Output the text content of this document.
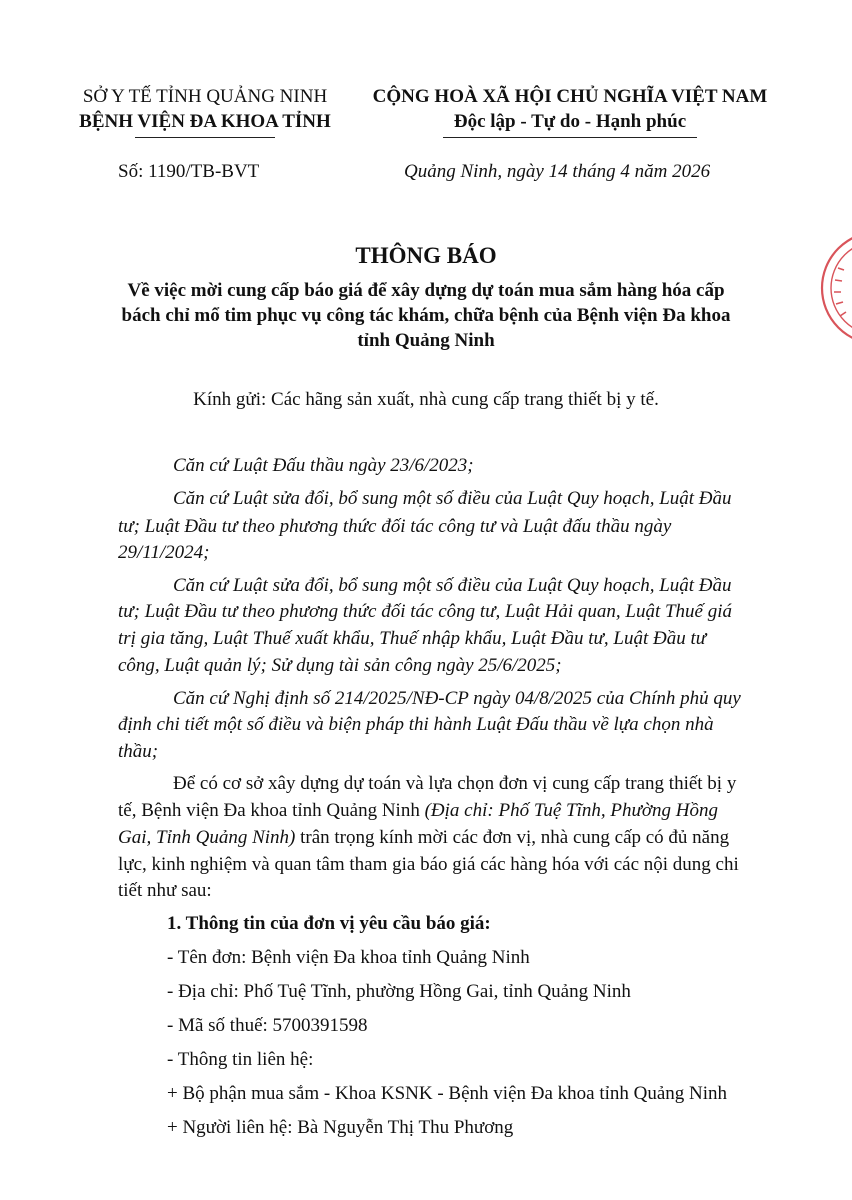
SỞ Y TẾ TỈNH QUẢNG NINH
BỆNH VIỆN ĐA KHOA TỈNH
CỘNG HOÀ XÃ HỘI CHỦ NGHĨA VIỆT NAM
Độc lập - Tự do - Hạnh phúc
Số: 1190/TB-BVT	Quảng Ninh, ngày 14 tháng 4 năm 2026
THÔNG BÁO
Về việc mời cung cấp báo giá để xây dựng dự toán mua sắm hàng hóa cấp
bách chỉ mổ tim phục vụ công tác khám, chữa bệnh của Bệnh viện Đa khoa
tỉnh Quảng Ninh
Kính gửi: Các hãng sản xuất, nhà cung cấp trang thiết bị y tế.
Căn cứ Luật Đấu thầu ngày 23/6/2023;
Căn cứ Luật sửa đổi, bổ sung một số điều của Luật Quy hoạch, Luật Đầu
tư; Luật Đầu tư theo phương thức đối tác công tư và Luật đấu thầu ngày
29/11/2024;
Căn cứ Luật sửa đổi, bổ sung một số điều của Luật Quy hoạch, Luật Đầu
tư; Luật Đầu tư theo phương thức đối tác công tư, Luật Hải quan, Luật Thuế giá
trị gia tăng, Luật Thuế xuất khẩu, Thuế nhập khẩu, Luật Đầu tư, Luật Đầu tư
công, Luật quản lý; Sử dụng tài sản công ngày 25/6/2025;
Căn cứ Nghị định số 214/2025/NĐ-CP ngày 04/8/2025 của Chính phủ quy
định chi tiết một số điều và biện pháp thi hành Luật Đấu thầu về lựa chọn nhà
thầu;
Để có cơ sở xây dựng dự toán và lựa chọn đơn vị cung cấp trang thiết bị y
tế, Bệnh viện Đa khoa tỉnh Quảng Ninh (Địa chỉ: Phố Tuệ Tĩnh, Phường Hồng
Gai, Tỉnh Quảng Ninh) trân trọng kính mời các đơn vị, nhà cung cấp có đủ năng
lực, kinh nghiệm và quan tâm tham gia báo giá các hàng hóa với các nội dung chi
tiết như sau:
1. Thông tin của đơn vị yêu cầu báo giá:
- Tên đơn: Bệnh viện Đa khoa tỉnh Quảng Ninh
- Địa chỉ: Phố Tuệ Tĩnh, phường Hồng Gai, tỉnh Quảng Ninh
- Mã số thuế: 5700391598
- Thông tin liên hệ:
+ Bộ phận mua sắm - Khoa KSNK - Bệnh viện Đa khoa tỉnh Quảng Ninh
+ Người liên hệ: Bà Nguyễn Thị Thu Phương
